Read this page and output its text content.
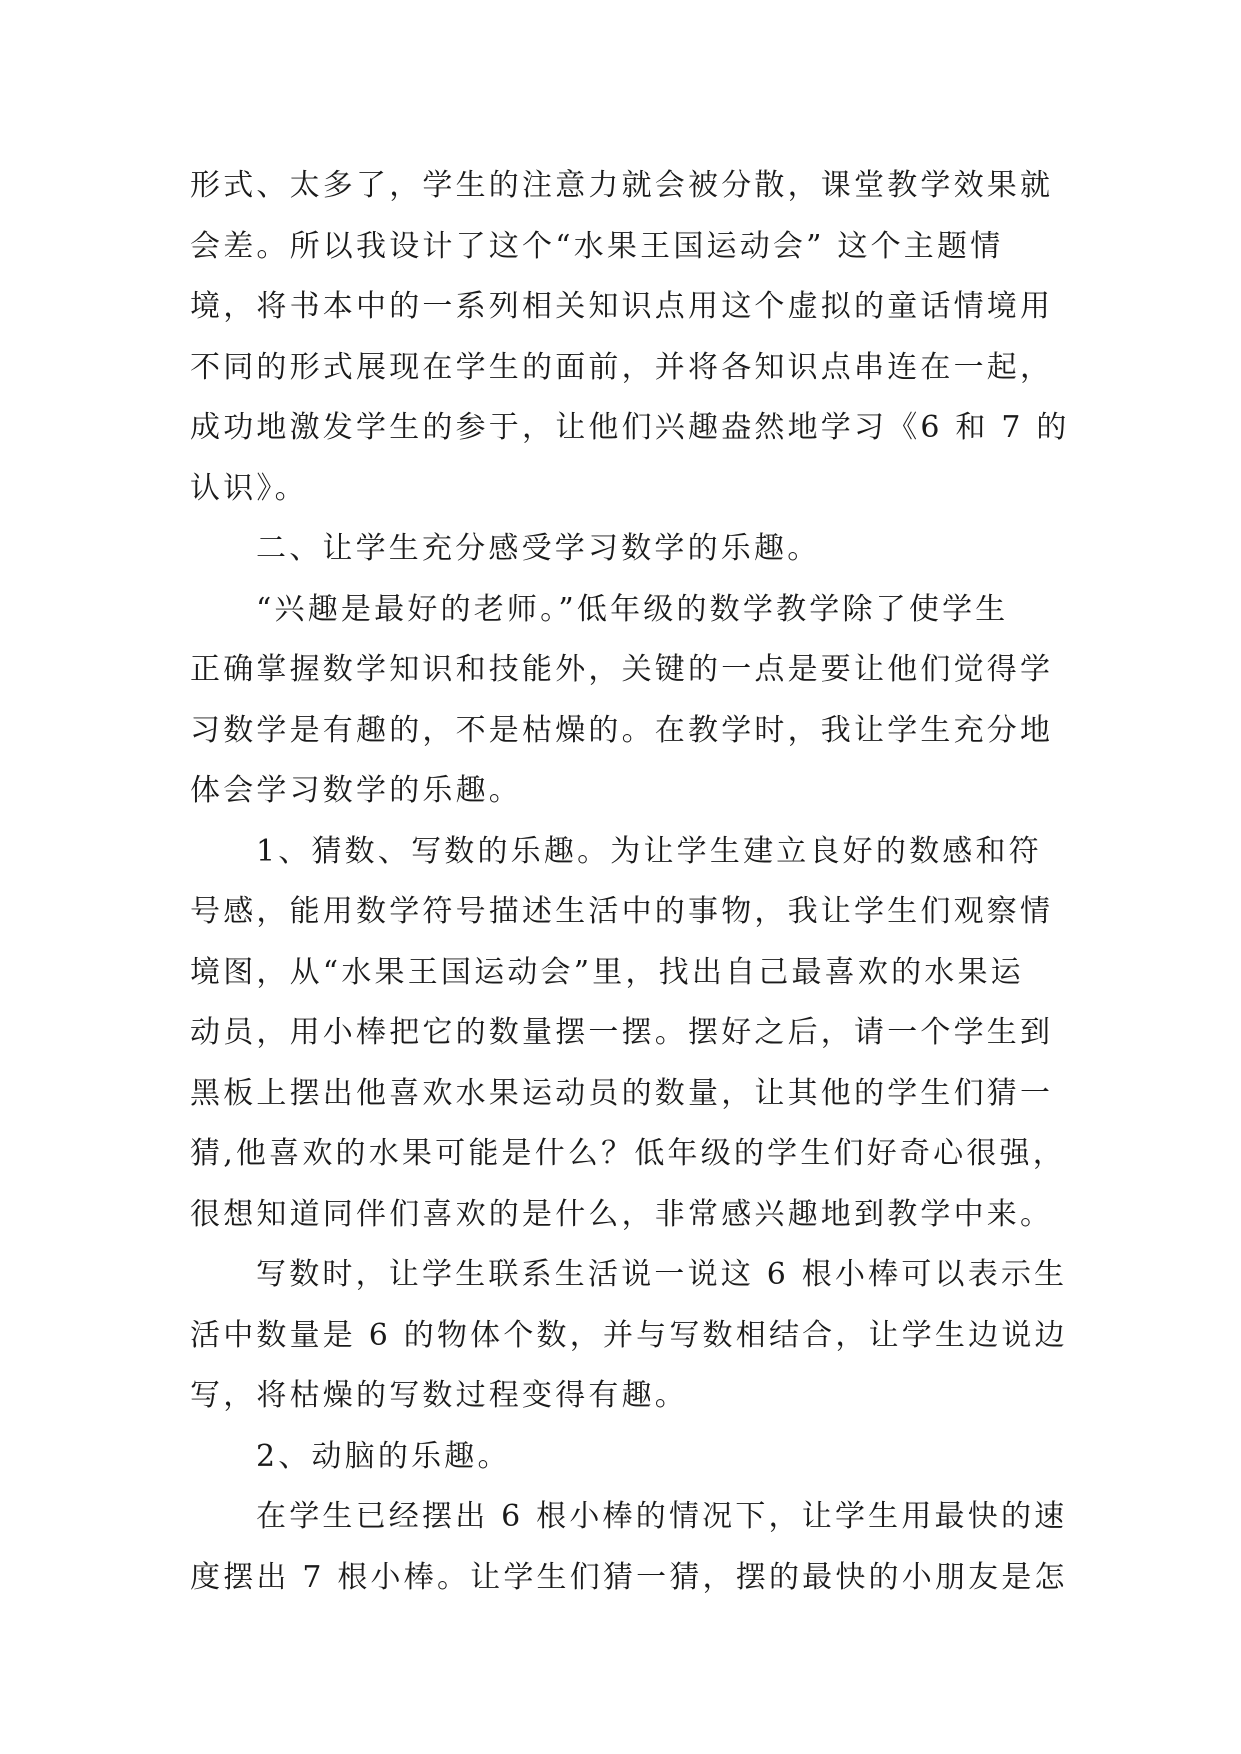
形式、太多了，学生的注意力就会被分散，课堂教学效果就
会差。所以我设计了这个“水果王国运动会” 这个主题情
境，将书本中的一系列相关知识点用这个虚拟的童话情境用
不同的形式展现在学生的面前，并将各知识点串连在一起，
成功地激发学生的参于，让他们兴趣盎然地学习《6 和 7 的
认识》。
二、让学生充分感受学习数学的乐趣。
“兴趣是最好的老师。”低年级的数学教学除了使学生
正确掌握数学知识和技能外，关键的一点是要让他们觉得学
习数学是有趣的，不是枯燥的。在教学时，我让学生充分地
体会学习数学的乐趣。
1、猜数、写数的乐趣。为让学生建立良好的数感和符
号感，能用数学符号描述生活中的事物，我让学生们观察情
境图，从“水果王国运动会”里，找出自己最喜欢的水果运
动员，用小棒把它的数量摆一摆。摆好之后，请一个学生到
黑板上摆出他喜欢水果运动员的数量，让其他的学生们猜一
猜,他喜欢的水果可能是什么？低年级的学生们好奇心很强，
很想知道同伴们喜欢的是什么，非常感兴趣地到教学中来。
写数时，让学生联系生活说一说这 6 根小棒可以表示生
活中数量是 6 的物体个数，并与写数相结合，让学生边说边
写，将枯燥的写数过程变得有趣。
2、动脑的乐趣。
在学生已经摆出 6 根小棒的情况下，让学生用最快的速
度摆出 7 根小棒。让学生们猜一猜，摆的最快的小朋友是怎
